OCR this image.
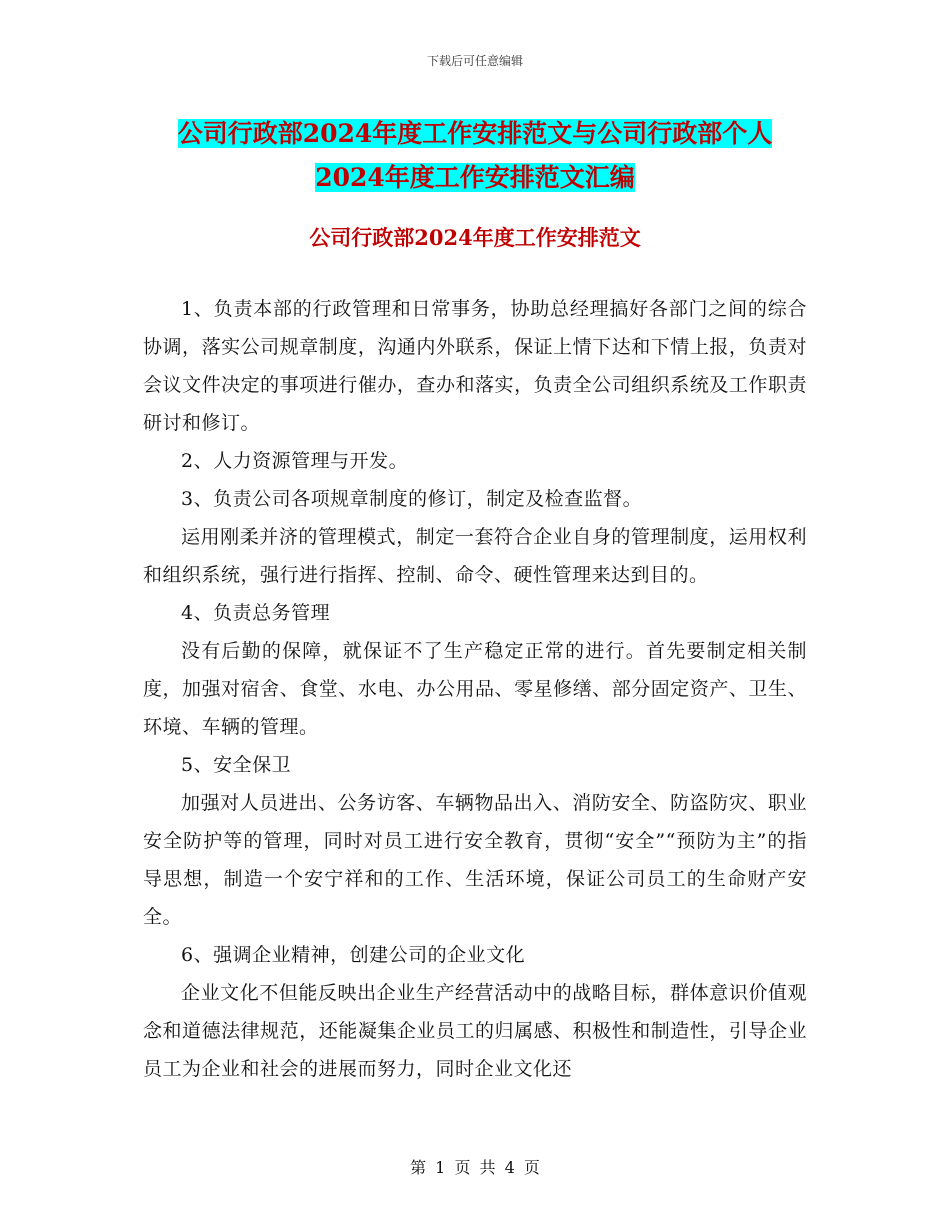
下载后可任意编辑
公司行政部2024年度工作安排范文与公司行政部个人
2024年度工作安排范文汇编
公司行政部2024年度工作安排范文

1、负责本部的行政管理和日常事务，协助总经理搞好各部门之间的综合协调，落实公司规章制度，沟通内外联系，保证上情下达和下情上报，负责对会议文件决定的事项进行催办，查办和落实，负责全公司组织系统及工作职责研讨和修订。

2、人力资源管理与开发。

3、负责公司各项规章制度的修订，制定及检查监督。

运用刚柔并济的管理模式，制定一套符合企业自身的管理制度，运用权利和组织系统，强行进行指挥、控制、命令、硬性管理来达到目的。

4、负责总务管理

没有后勤的保障，就保证不了生产稳定正常的进行。首先要制定相关制度，加强对宿舍、食堂、水电、办公用品、零星修缮、部分固定资产、卫生、环境、车辆的管理。

5、安全保卫

加强对人员进出、公务访客、车辆物品出入、消防安全、防盗防灾、职业安全防护等的管理，同时对员工进行安全教育，贯彻“安全”“预防为主”的指导思想，制造一个安宁祥和的工作、生活环境，保证公司员工的生命财产安全。

6、强调企业精神，创建公司的企业文化

企业文化不但能反映出企业生产经营活动中的战略目标，群体意识价值观念和道德法律规范，还能凝集企业员工的归属感、积极性和制造性，引导企业员工为企业和社会的进展而努力，同时企业文化还

第 1 页 共 4 页
